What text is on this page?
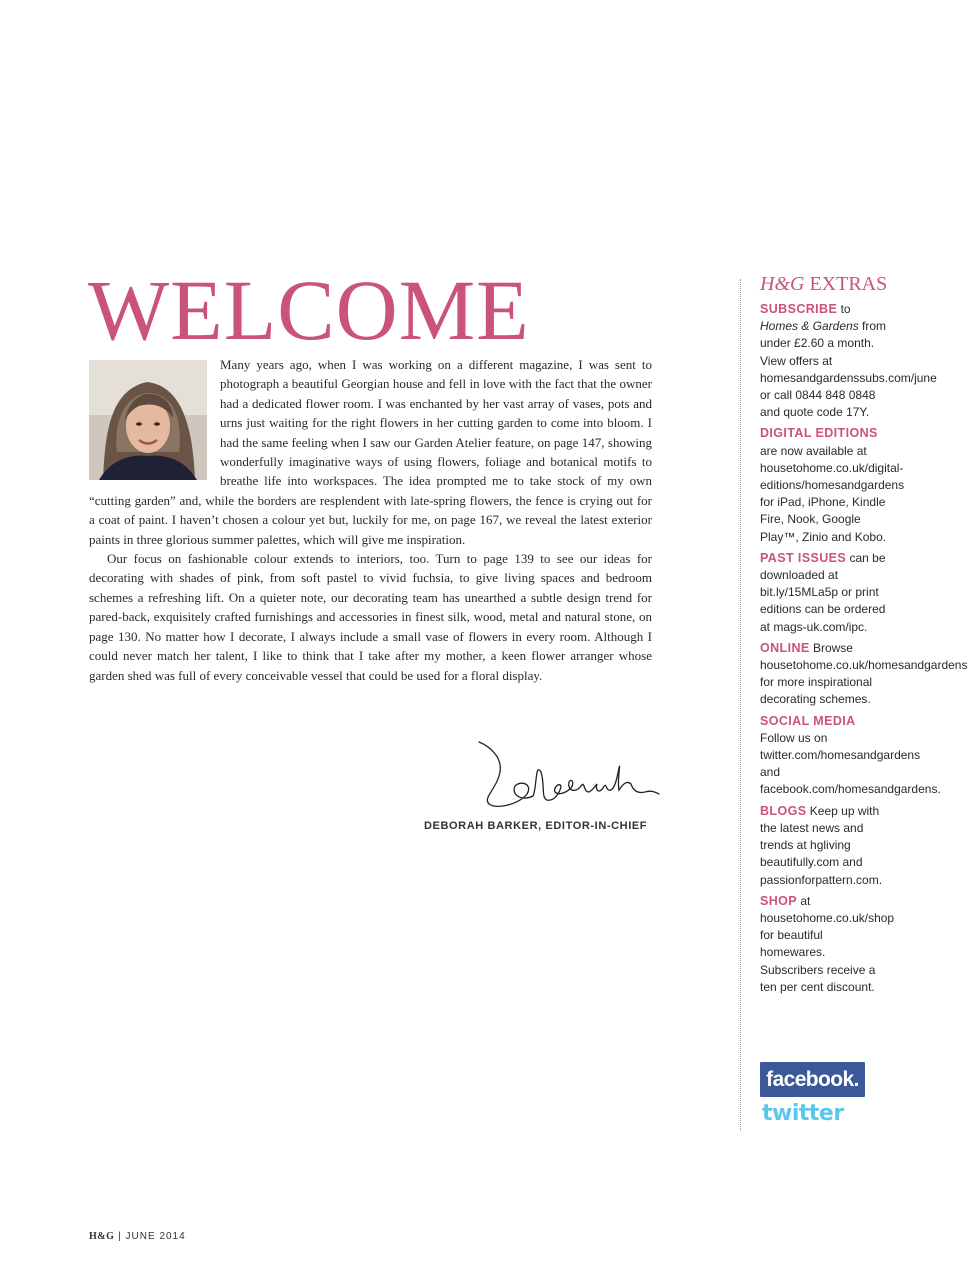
WELCOME

Many years ago, when I was working on a different magazine, I was sent to photograph a beautiful Georgian house and fell in love with the fact that the owner had a dedicated flower room. I was enchanted by her vast array of vases, pots and urns just waiting for the right flowers in her cutting garden to come into bloom. I had the same feeling when I saw our Garden Atelier feature, on page 147, showing wonderfully imaginative ways of using flowers, foliage and botanical motifs to breathe life into workspaces. The idea prompted me to take stock of my own “cutting garden” and, while the borders are resplendent with late-spring flowers, the fence is crying out for a coat of paint. I haven’t chosen a colour yet but, luckily for me, on page 167, we reveal the latest exterior paints in three glorious summer palettes, which will give me inspiration.

Our focus on fashionable colour extends to interiors, too. Turn to page 139 to see our ideas for decorating with shades of pink, from soft pastel to vivid fuchsia, to give living spaces and bedroom schemes a refreshing lift. On a quieter note, our decorating team has unearthed a subtle design trend for pared-back, exquisitely crafted furnishings and accessories in finest silk, wood, metal and natural stone, on page 130. No matter how I decorate, I always include a small vase of flowers in every room. Although I could never match her talent, I like to think that I take after my mother, a keen flower arranger whose garden shed was full of every conceivable vessel that could be used for a floral display.

DEBORAH BARKER, EDITOR-IN-CHIEF

H&G EXTRAS

SUBSCRIBE to Homes & Gardens from under £2.60 a month. View offers at homesandgardenssubs.com/june or call 0844 848 0848 and quote code 17Y.

DIGITAL EDITIONS are now available at housetohome.co.uk/digital-editions/homesandgardens for iPad, iPhone, Kindle Fire, Nook, Google Play™, Zinio and Kobo.

PAST ISSUES can be downloaded at bit.ly/15MLa5p or print editions can be ordered at mags-uk.com/ipc.

ONLINE Browse housetohome.co.uk/homesandgardens for more inspirational decorating schemes.

SOCIAL MEDIA Follow us on twitter.com/homesandgardens and facebook.com/homesandgardens.

BLOGS Keep up with the latest news and trends at hgliving beautifully.com and passionforpattern.com.

SHOP at housetohome.co.uk/shop for beautiful homewares. Subscribers receive a ten per cent discount.

facebook.
twitter

H&G | JUNE 2014
